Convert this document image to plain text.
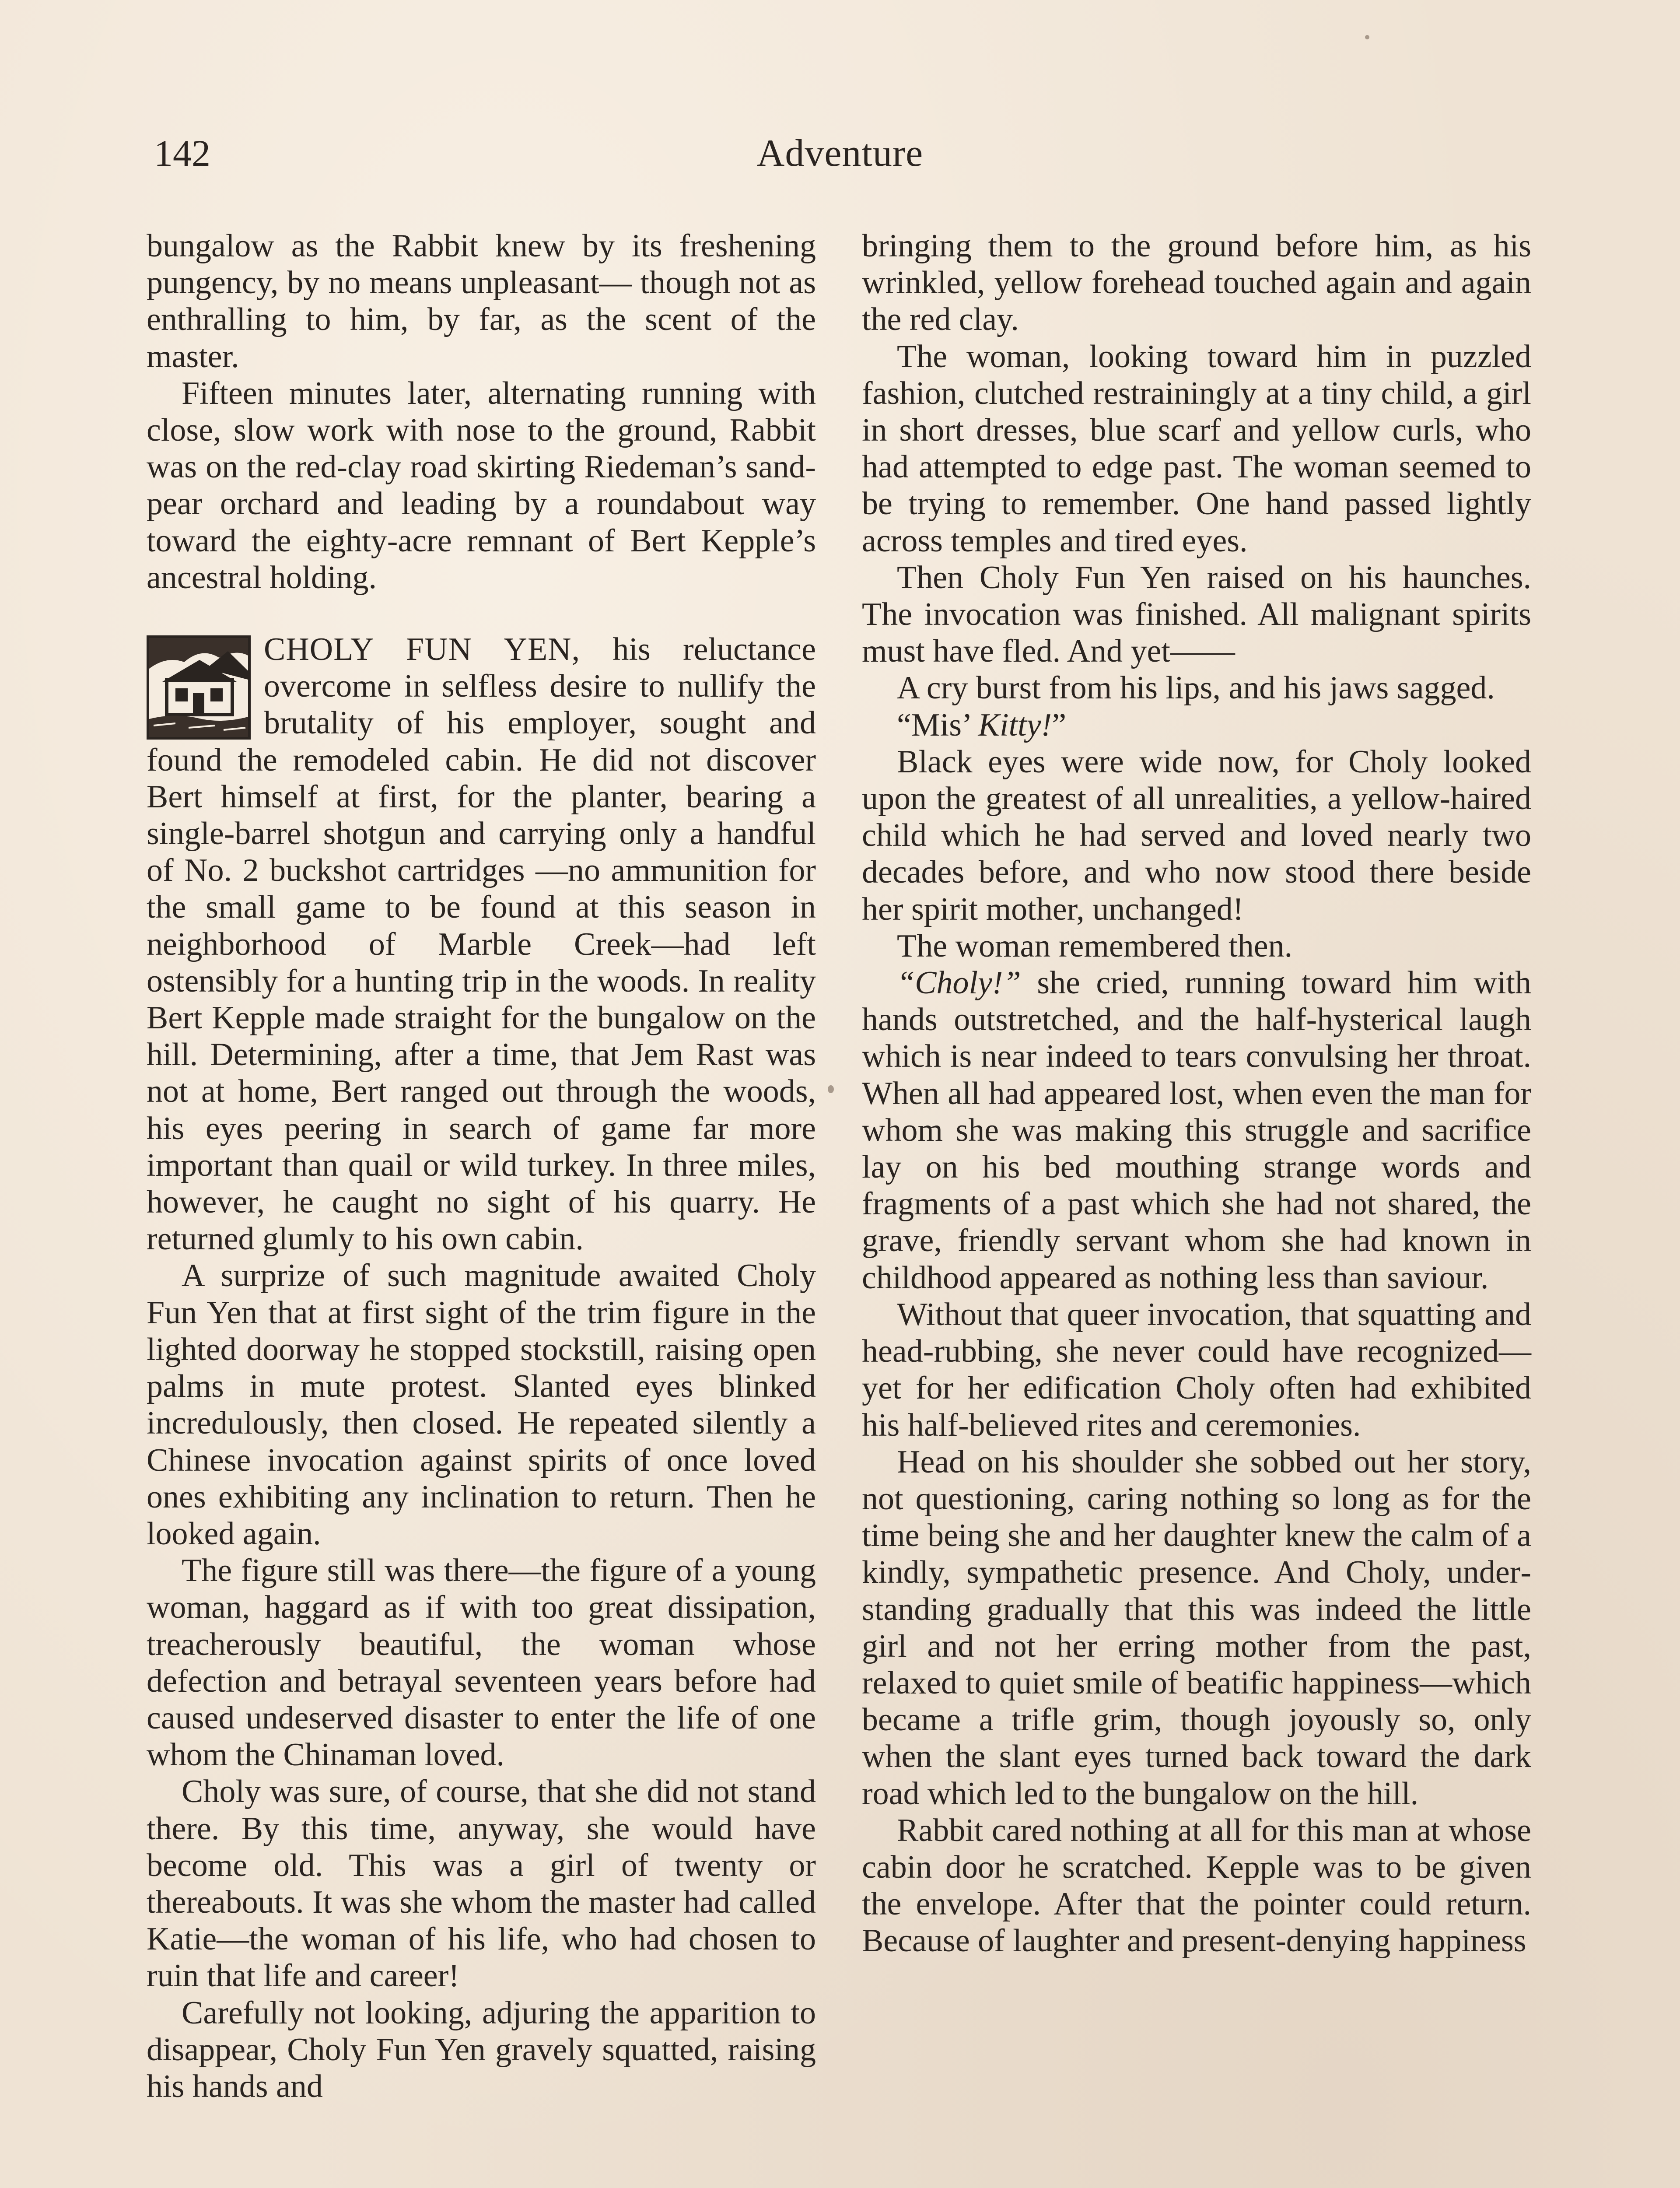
142	Adventure

bungalow as the Rabbit knew by its freshening pungency, by no means unpleasant— though not as enthralling to him, by far, as the scent of the master.

Fifteen minutes later, alternating running with close, slow work with nose to the ground, Rabbit was on the red-clay road skirting Riedeman’s sand-pear orchard and leading by a roundabout way toward the eighty-acre remnant of Bert Kepple’s ancestral holding.

CHOLY FUN YEN, his reluctance overcome in selfless desire to nullify the brutality of his employer, sought and found the remodeled cabin. He did not discover Bert himself at first, for the planter, bearing a single-barrel shotgun and carrying only a handful of No. 2 buckshot cartridges —no ammunition for the small game to be found at this season in neighborhood of Marble Creek—had left ostensibly for a hunting trip in the woods. In reality Bert Kepple made straight for the bungalow on the hill. Determining, after a time, that Jem Rast was not at home, Bert ranged out through the woods, his eyes peering in search of game far more important than quail or wild turkey. In three miles, however, he caught no sight of his quarry. He returned glumly to his own cabin.

A surprize of such magnitude awaited Choly Fun Yen that at first sight of the trim figure in the lighted doorway he stopped stockstill, raising open palms in mute protest. Slanted eyes blinked incredulously, then closed. He repeated silently a Chinese invocation against spirits of once loved ones exhibiting any inclination to return. Then he looked again.

The figure still was there—the figure of a young woman, haggard as if with too great dissipation, treacherously beautiful, the woman whose defection and betrayal seventeen years before had caused undeserved disaster to enter the life of one whom the Chinaman loved.

Choly was sure, of course, that she did not stand there. By this time, anyway, she would have become old. This was a girl of twenty or thereabouts. It was she whom the master had called Katie—the woman of his life, who had chosen to ruin that life and career!

Carefully not looking, adjuring the apparition to disappear, Choly Fun Yen gravely squatted, raising his hands and

bringing them to the ground before him, as his wrinkled, yellow forehead touched again and again the red clay.

The woman, looking toward him in puzzled fashion, clutched restrainingly at a tiny child, a girl in short dresses, blue scarf and yellow curls, who had attempted to edge past. The woman seemed to be trying to remember. One hand passed lightly across temples and tired eyes.

Then Choly Fun Yen raised on his haunches. The invocation was finished. All malignant spirits must have fled. And yet——

A cry burst from his lips, and his jaws sagged.

“Mis’ Kitty!”

Black eyes were wide now, for Choly looked upon the greatest of all unrealities, a yellow-haired child which he had served and loved nearly two decades before, and who now stood there beside her spirit mother, unchanged!

The woman remembered then.

“Choly!” she cried, running toward him with hands outstretched, and the half-hysterical laugh which is near indeed to tears convulsing her throat. When all had appeared lost, when even the man for whom she was making this struggle and sacrifice lay on his bed mouthing strange words and fragments of a past which she had not shared, the grave, friendly servant whom she had known in childhood appeared as nothing less than saviour.

Without that queer invocation, that squatting and head-rubbing, she never could have recognized—yet for her edification Choly often had exhibited his half-believed rites and ceremonies.

Head on his shoulder she sobbed out her story, not questioning, caring nothing so long as for the time being she and her daughter knew the calm of a kindly, sympathetic presence. And Choly, understanding gradually that this was indeed the little girl and not her erring mother from the past, relaxed to quiet smile of beatific happiness—which became a trifle grim, though joyously so, only when the slant eyes turned back toward the dark road which led to the bungalow on the hill.

Rabbit cared nothing at all for this man at whose cabin door he scratched. Kepple was to be given the envelope. After that the pointer could return. Because of laughter and present-denying happiness
